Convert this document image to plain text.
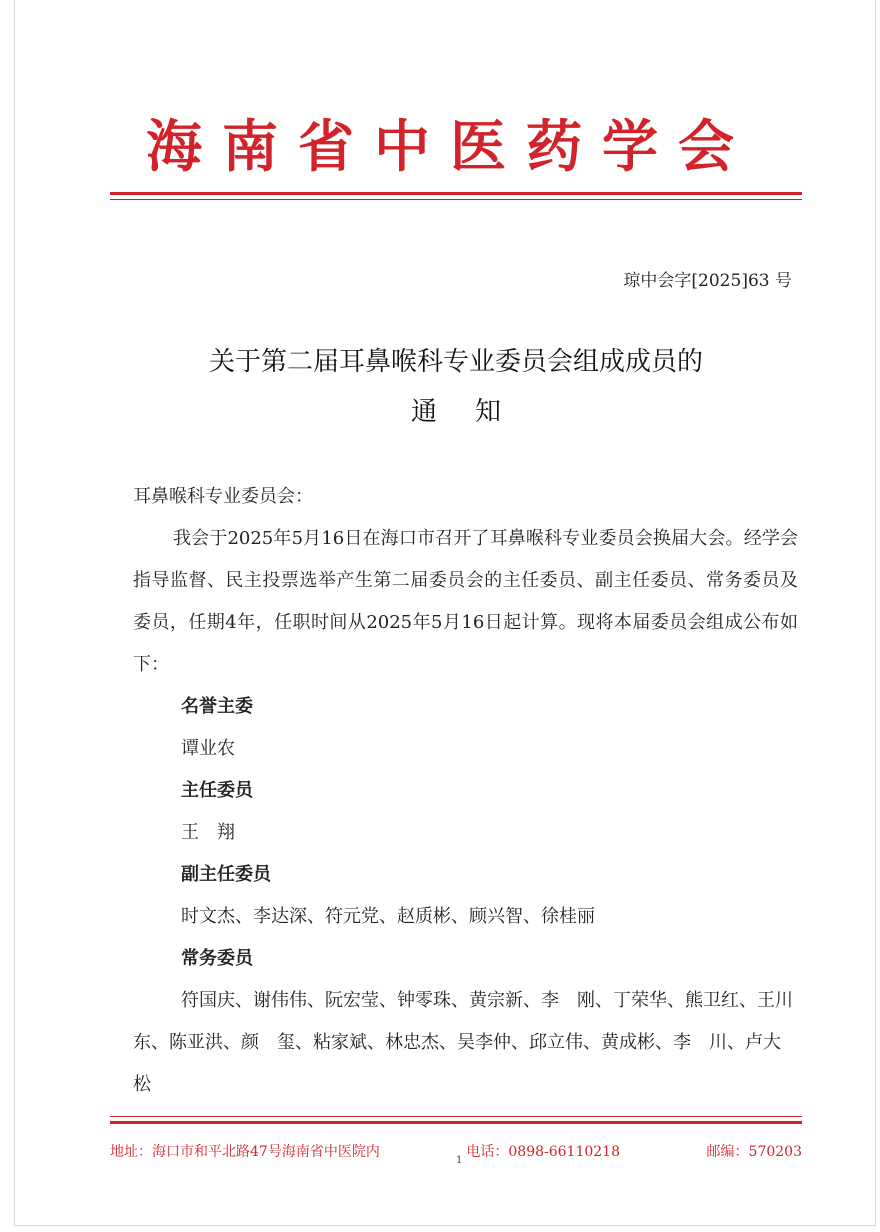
海南省中医药学会
琼中会字[2025]63 号
关于第二届耳鼻喉科专业委员会组成成员的
通知

耳鼻喉科专业委员会：

我会于2025年5月16日在海口市召开了耳鼻喉科专业委员会换届大会。经学会指导监督、民主投票选举产生第二届委员会的主任委员、副主任委员、常务委员及委员，任期4年，任职时间从2025年5月16日起计算。现将本届委员会组成公布如下：

名誉主委

谭业农

主任委员

王　翔

副主任委员

时文杰、李达深、符元党、赵质彬、顾兴智、徐桂丽

常务委员

符国庆、谢伟伟、阮宏莹、钟零珠、黄宗新、李　刚、丁荣华、熊卫红、王川东、陈亚洪、颜　玺、粘家斌、林忠杰、吴李仲、邱立伟、黄成彬、李　川、卢大松

地址：海口市和平北路47号海南省中医院内	电话：0898-66110218	邮编：570203
1
